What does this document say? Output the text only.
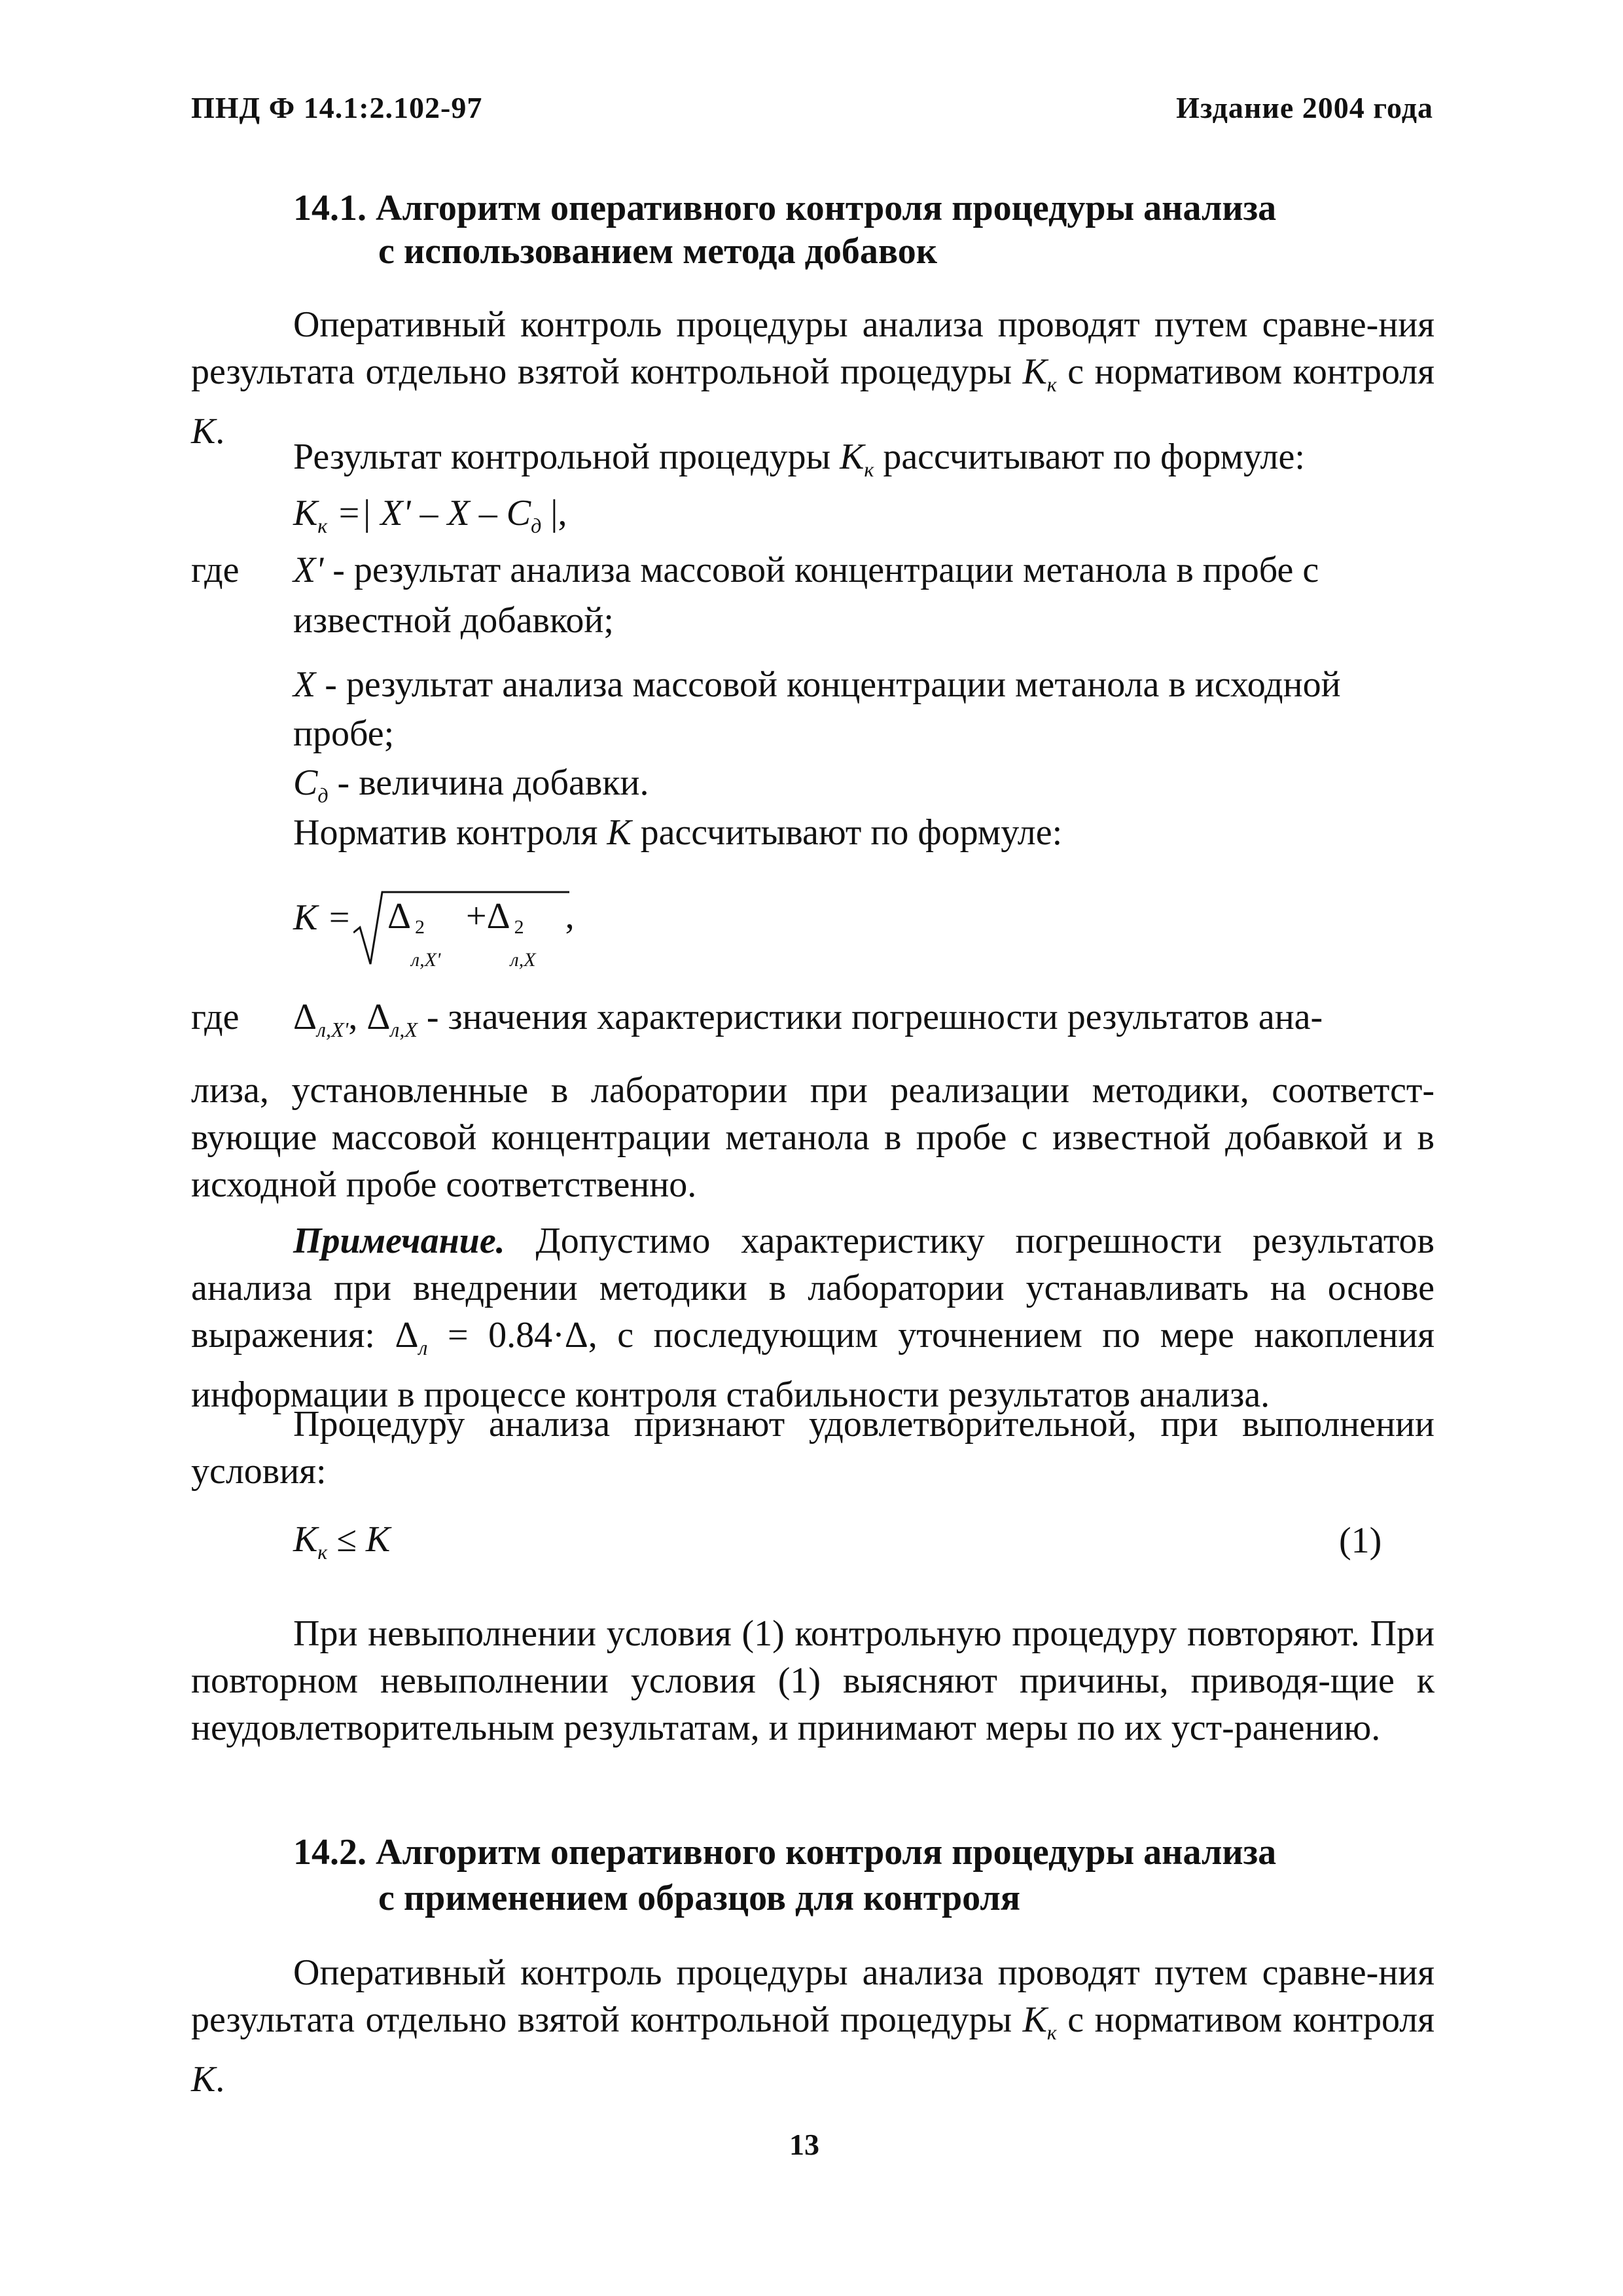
ПНД Ф 14.1:2.102-97	Издание 2004 года
14.1. Алгоритм оперативного контроля процедуры анализа
с использованием метода добавок
Оперативный контроль процедуры анализа проводят путем сравне-ния результата отдельно взятой контрольной процедуры $К_к$ с нормативом контроля К.
Результат контрольной процедуры $К_к$ рассчитывают по формуле:
$К_к$ =| X' – X – $C_д$ |,
где X' - результат анализа массовой концентрации метанола в пробе с
известной добавкой;
X - результат анализа массовой концентрации метанола в исходной
пробе;
$C_д$ - величина добавки.
Норматив контроля К рассчитывают по формуле:
К = Δ 2
л,X'
+Δ 2
л,X
,
где $\Delta_{л,X'}$, $\Delta_{л,X}$ - значения характеристики погрешности результатов ана-
лиза, установленные в лаборатории при реализации методики, соответст-вующие массовой концентрации метанола в пробе с известной добавкой и в исходной пробе соответственно.
Примечание. Допустимо характеристику погрешности результатов анализа при внедрении методики в лаборатории устанавливать на основе выражения: $\Delta_л = 0.84\cdot\Delta$, с последующим уточнением по мере накопления информации в процессе контроля стабильности результатов анализа.
Процедуру анализа признают удовлетворительной, при выполнении условия:
$К_к \le К$	(1)
При невыполнении условия (1) контрольную процедуру повторяют. При повторном невыполнении условия (1) выясняют причины, приводя-щие к неудовлетворительным результатам, и принимают меры по их уст-ранению.
14.2. Алгоритм оперативного контроля процедуры анализа
с применением образцов для контроля
Оперативный контроль процедуры анализа проводят путем сравне-ния результата отдельно взятой контрольной процедуры $К_к$ с нормативом контроля К.
13
